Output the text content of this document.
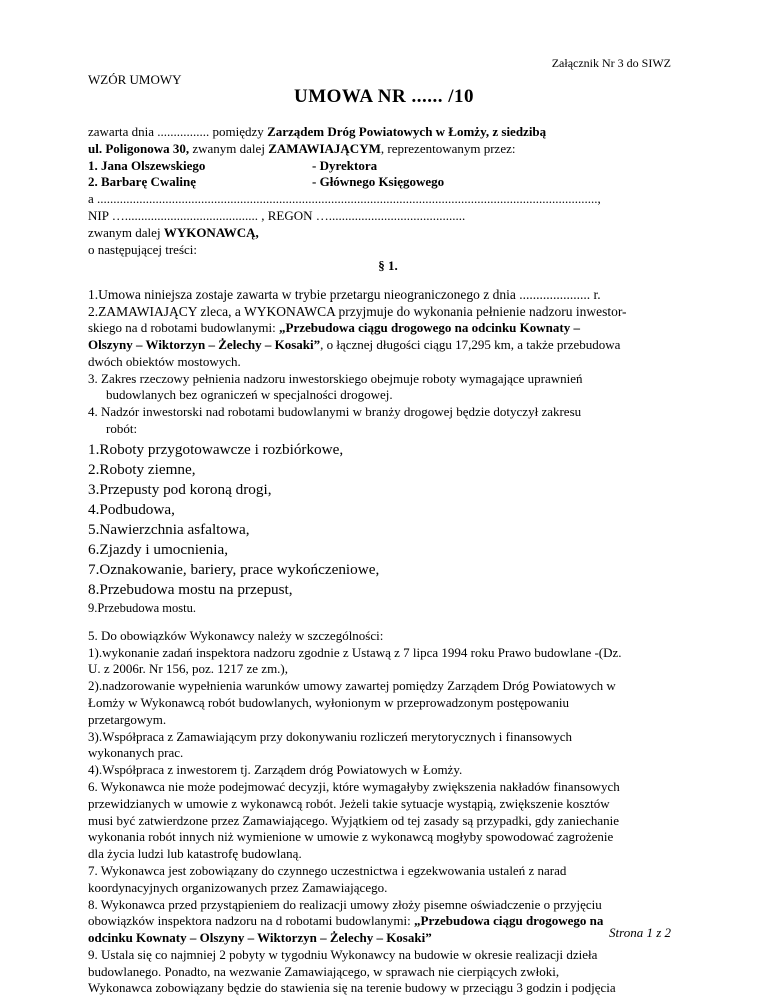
Załącznik Nr 3 do SIWZ
WZÓR UMOWY
UMOWA NR ...... /10

zawarta dnia ................ pomiędzy Zarządem Dróg Powiatowych w Łomży, z siedzibą

ul. Poligonowa 30, zwanym dalej ZAMAWIAJĄCYM, reprezentowanym przez:

1. Jana Olszewskiego	- Dyrektora

2. Barbarę Cwalinę	- Głównego Księgowego

a ..........................................................................................................................................................,

NIP …......................................... , REGON …..........................................

zwanym dalej WYKONAWCĄ,

o następującej treści:

§ 1.

1.Umowa niniejsza zostaje zawarta w trybie przetargu nieograniczonego z dnia ..................... r.

2.ZAMAWIAJĄCY zleca, a WYKONAWCA przyjmuje do wykonania pełnienie nadzoru inwestor-

skiego na d robotami budowlanymi: „Przebudowa ciągu drogowego na odcinku Kownaty –

Olszyny – Wiktorzyn – Żelechy – Kosaki”, o łącznej długości ciągu 17,295 km, a także przebudowa

dwóch obiektów mostowych.

3. Zakres rzeczowy pełnienia nadzoru inwestorskiego obejmuje roboty wymagające uprawnień

budowlanych bez ograniczeń w specjalności drogowej.

4. Nadzór inwestorski nad robotami budowlanymi w branży drogowej będzie dotyczył zakresu

robót:

1.Roboty przygotowawcze i rozbiórkowe,

2.Roboty ziemne,

3.Przepusty pod koroną drogi,

4.Podbudowa,

5.Nawierzchnia asfaltowa,

6.Zjazdy i umocnienia,

7.Oznakowanie, bariery, prace wykończeniowe,

8.Przebudowa mostu na przepust,

9.Przebudowa mostu.

5. Do obowiązków Wykonawcy należy w szczególności:

1).wykonanie zadań inspektora nadzoru zgodnie z Ustawą z 7 lipca 1994 roku Prawo budowlane -(Dz.

U. z 2006r. Nr 156, poz. 1217 ze zm.),

2).nadzorowanie wypełnienia warunków umowy zawartej pomiędzy Zarządem Dróg Powiatowych w

Łomży w Wykonawcą robót budowlanych, wyłonionym w przeprowadzonym postępowaniu

przetargowym.

3).Współpraca z Zamawiającym przy dokonywaniu rozliczeń merytorycznych i finansowych

wykonanych prac.

4).Współpraca z inwestorem tj. Zarządem dróg Powiatowych w Łomży.

6. Wykonawca nie może podejmować decyzji, które wymagałyby zwiększenia nakładów finansowych

przewidzianych w umowie z wykonawcą robót. Jeżeli takie sytuacje wystąpią, zwiększenie kosztów

musi być zatwierdzone przez Zamawiającego. Wyjątkiem od tej zasady są przypadki, gdy zaniechanie

wykonania robót innych niż wymienione w umowie z wykonawcą mogłyby spowodować zagrożenie

dla życia ludzi lub katastrofę budowlaną.

7. Wykonawca jest zobowiązany do czynnego uczestnictwa i egzekwowania ustaleń z narad

koordynacyjnych organizowanych przez Zamawiającego.

8. Wykonawca przed przystąpieniem do realizacji umowy złoży pisemne oświadczenie o przyjęciu

obowiązków inspektora nadzoru na d robotami budowlanymi: „Przebudowa ciągu drogowego na

odcinku Kownaty – Olszyny – Wiktorzyn – Żelechy – Kosaki”

9. Ustala się co najmniej 2 pobyty w tygodniu Wykonawcy na budowie w okresie realizacji dzieła

budowlanego. Ponadto, na wezwanie Zamawiającego, w sprawach nie cierpiących zwłoki,

Wykonawca zobowiązany będzie do stawienia się na terenie budowy w przeciągu 3 godzin i podjęcia

Strona 1 z 2
